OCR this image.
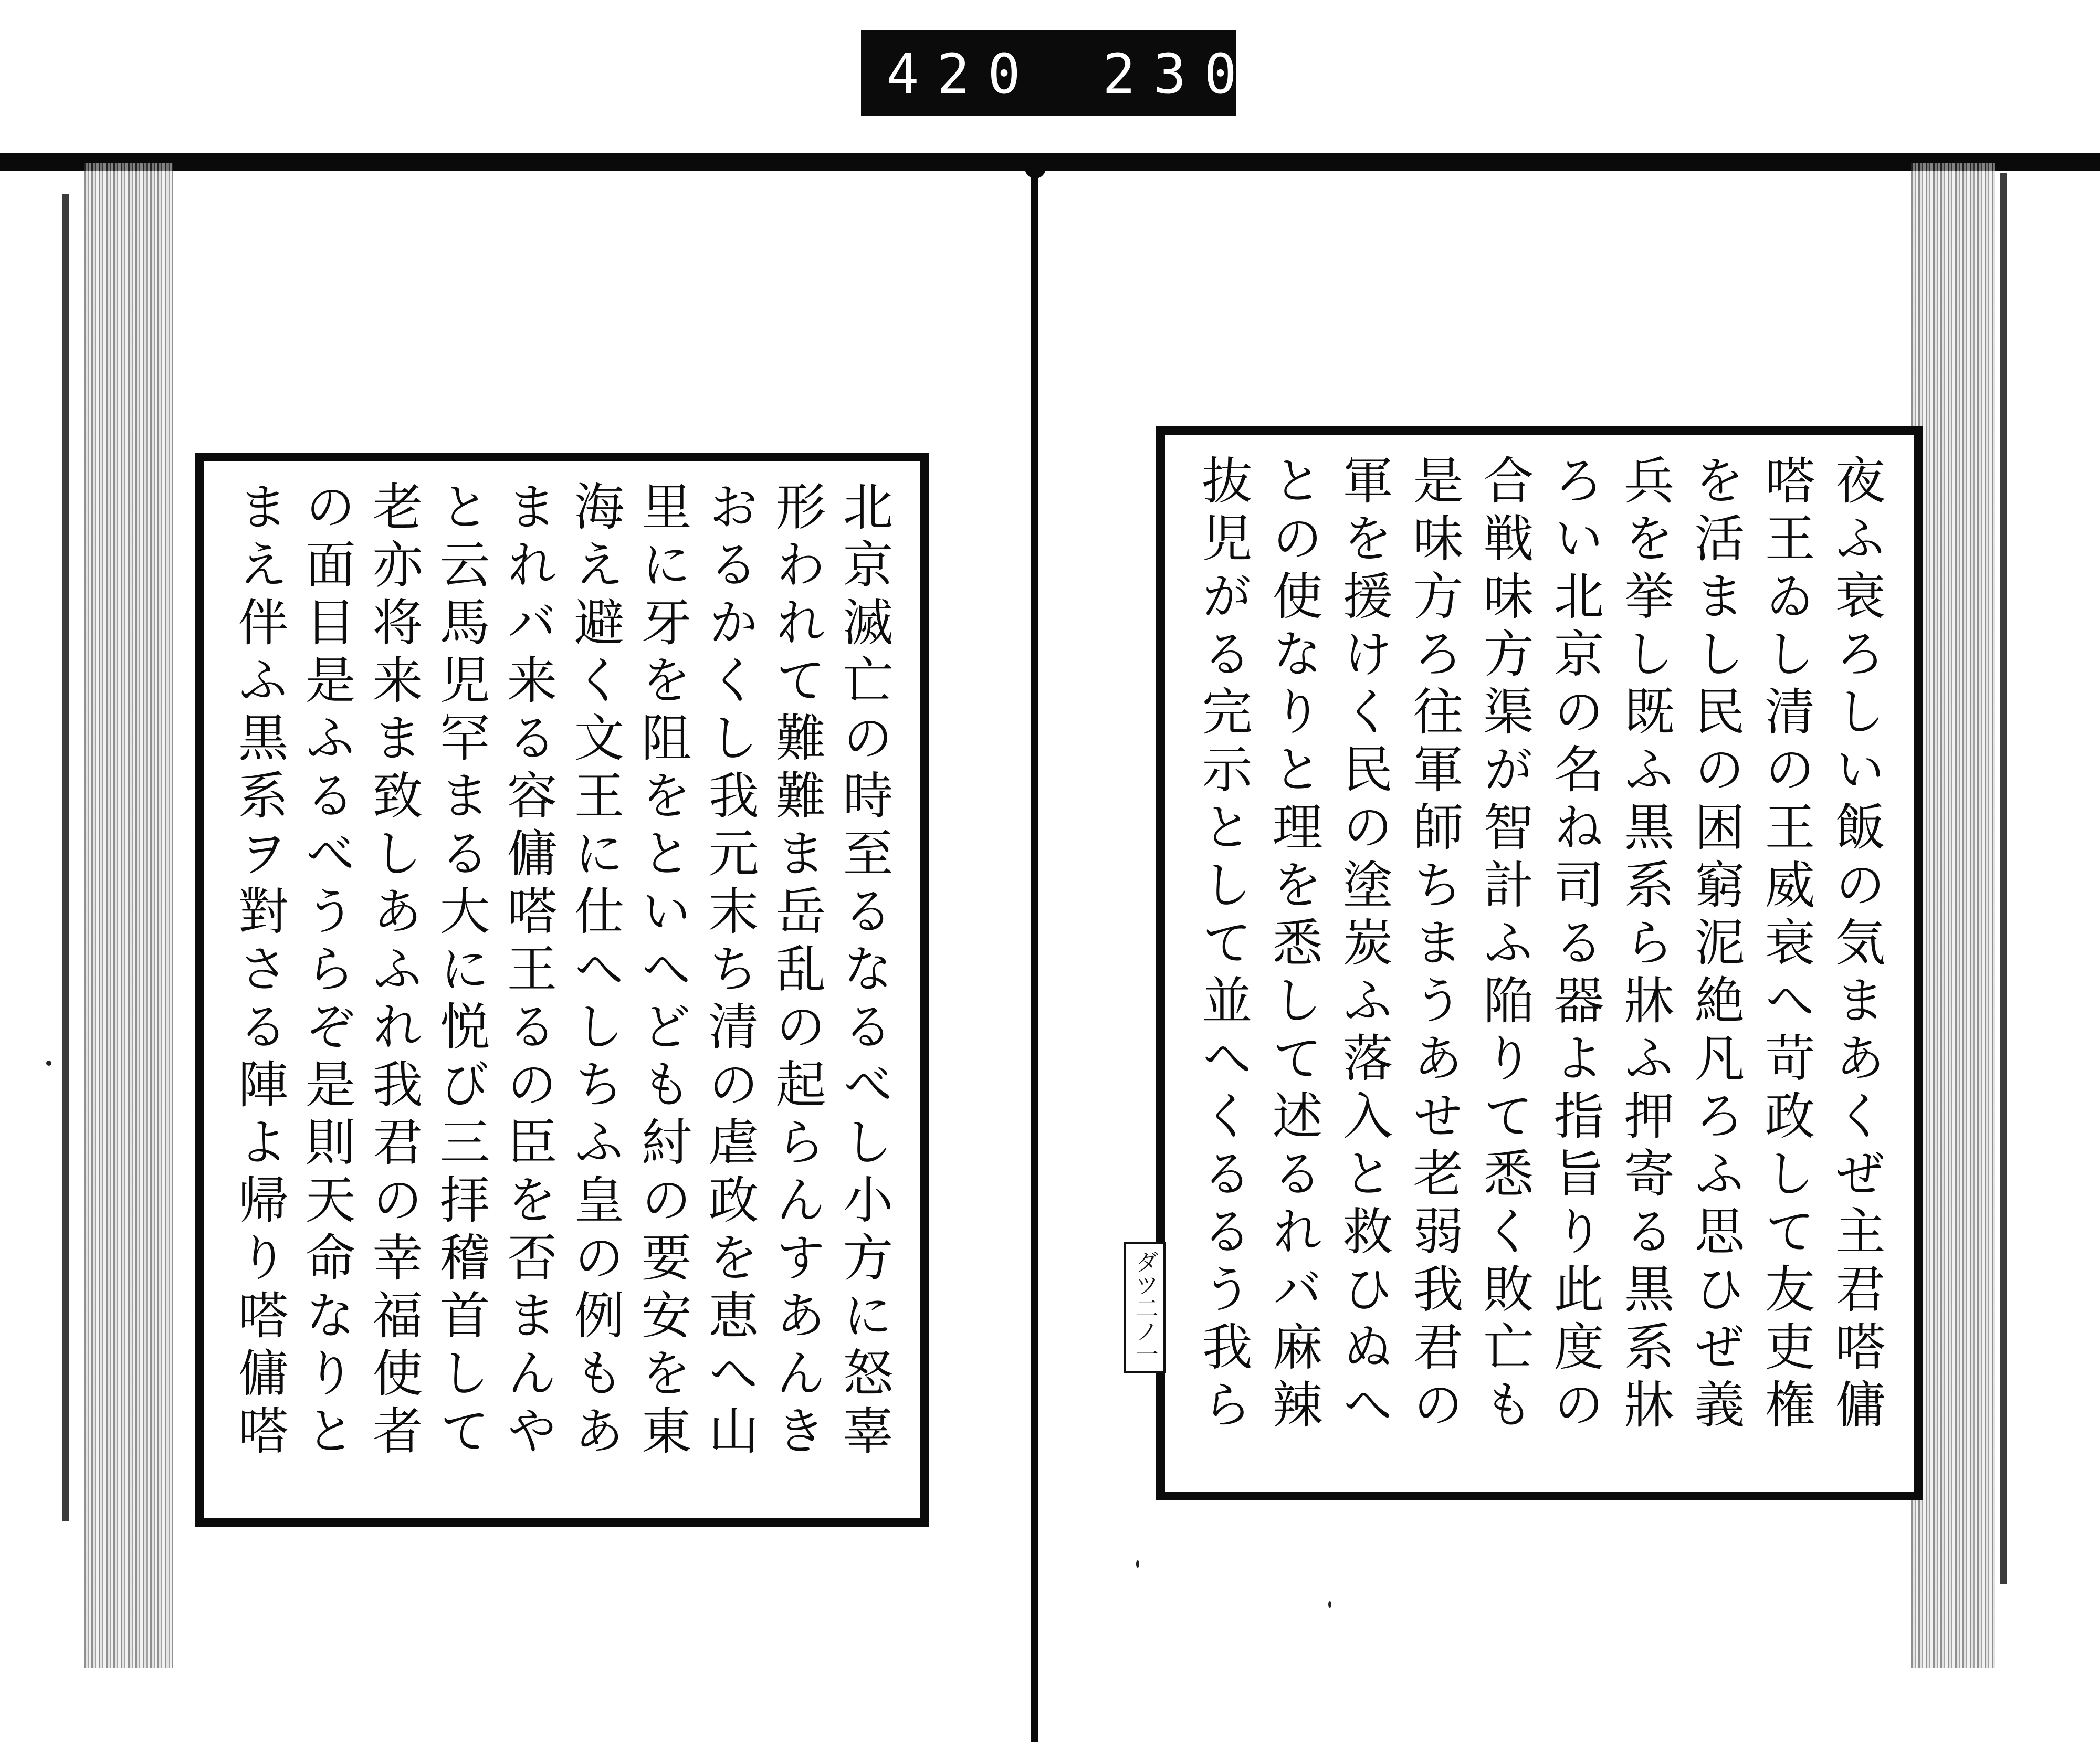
420 230.
北京滅亡の時至るなるべし小方に怒辜形われて難難ま岳乱の起らんすあんきおるかくし我元末ち清の虐政を恵へ山里に牙を阻をといへども紂の要安を東海え避く文王に仕へしちふ皇の例もあまれバ来る容傭嗒王るの臣を否まんやと云馬児罕まる大に悦び三拝稽首して老亦将来ま致しあふれ我君の幸福使者の面目是ふるべうらぞ是則天命なりとまえ伴ふ黒系ヲ對さる陣よ帰り嗒傭嗒
夜ふ衰ろしい飯の気まあくぜ主君嗒傭嗒王ゐし清の王威衰へ苛政して友吏権を活まし民の困窮泥絶凡ろふ思ひぜ義兵を挙し既ふ黒系ら牀ふ押寄る黒系牀ろい北京の名ね司る器よ指旨り此度の合戦味方渠が智計ふ陥りて悉く敗亡も是味方ろ往軍師ちまうあせ老弱我君の軍を援けく民の塗炭ふ落入と救ひぬへとの使なりと理を悉して述るれバ麻辣抜児がる完示として並へくるるう我ら
ダツ二ノ一
